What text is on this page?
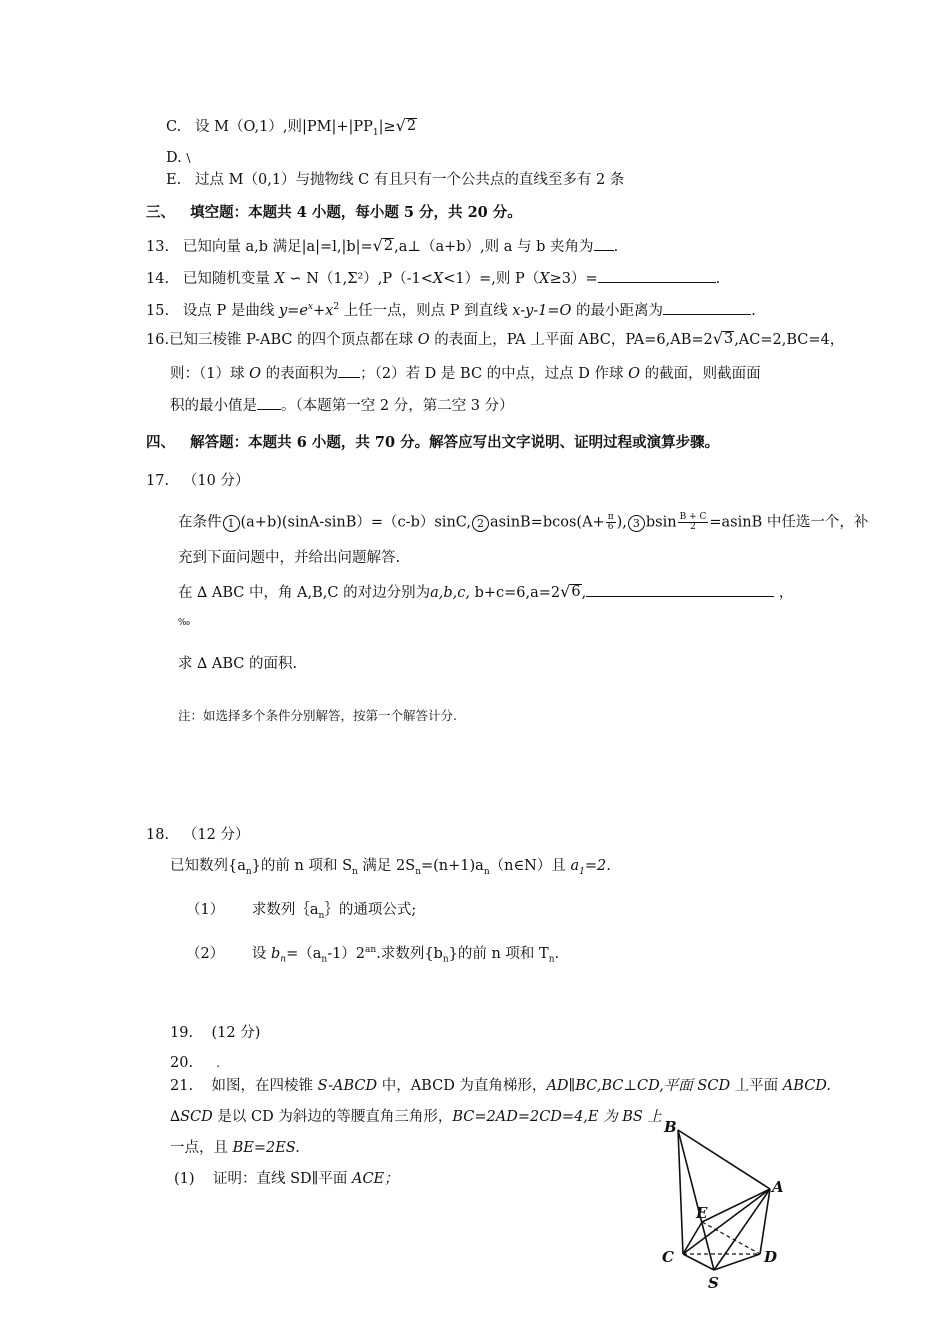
C. 设 M（O,1）,则$|PM|+|PP_1|\ge$ √ 2
D. \
E. 过点 M（0,1）与抛物线 C 有且只有一个公共点的直线至多有 2 条
三、 填空题：本题共 4 小题，每小题 5 分，共 20 分。
13. 已知向量 a,b 满足|a|=l,|b|= √ 2 ,a⊥（a+b）,则 a 与 b 夹角为 .
14. 已知随机变量 X ∽ N（1,Σ²）,P（-1<X<1）=,则 P（X≥3）=	.
15. 设点 P 是曲线 $y=e^x+x^2$ 上任一点，则点 P 到直线 x-y-1=O 的最小距离为	.
16.已知三棱锥 P-ABC 的四个顶点都在球 O 的表面上，PA 丄平面 ABC，PA=6,AB=2 √ 3 ,AC=2,BC=4，
则：（1）球 O 的表面积为 ；（2）若 D 是 BC 的中点，过点 D 作球 O 的截面，则截面面
积的最小值是 。（本题第一空 2 分，第二空 3 分）
四、 解答题：本题共 6 小题，共 70 分。解答应写出文字说明、证明过程或演算步骤。
17. （10 分）
在条件 1 (a+b)(sinA-sinB）=（c-b）sinC, 2 $asinB=bcos(A+ \frac{\pi}{6}$ ), 3 bsin $\frac{B + C}{2} =asinB$ 中任选一个，补
充到下面问题中，并给出问题解答.
在 ∆ ABC 中，角 A,B,C 的对边分别为a,b,c, b+c=6,a=2 √ 6 ,	，
‰
求 ∆ ABC 的面积.
注：如选择多个条件分别解答，按第一个解答计分.
18. （12 分）
已知数列$\{a_n\}$的前 n 项和 $S_n$ 满足 $2S_n=(n+1)a_n(n\in N)$且 $a_1=2$.
（1） 求数列$\{a_n\}$的通项公式;
（2） 设 $b_n=(a_n-1)2^{an}$.求数列$\{b_n\}$的前 n 项和 $T_n$.
19. (12 分)
20. .
21. 如图，在四棱锥 S-ABCD 中，ABCD 为直角梯形，AD∥BC,BC⊥CD,平面 SCD 丄平面 ABCD.
∆SCD 是以 CD 为斜边的等腰直角三角形，BC=2AD=2CD=4,E 为 BS 上
一点，且 BE=2ES.
(1) 证明：直线 SD∥平面 ACE；
B
E
A
C	D
S
